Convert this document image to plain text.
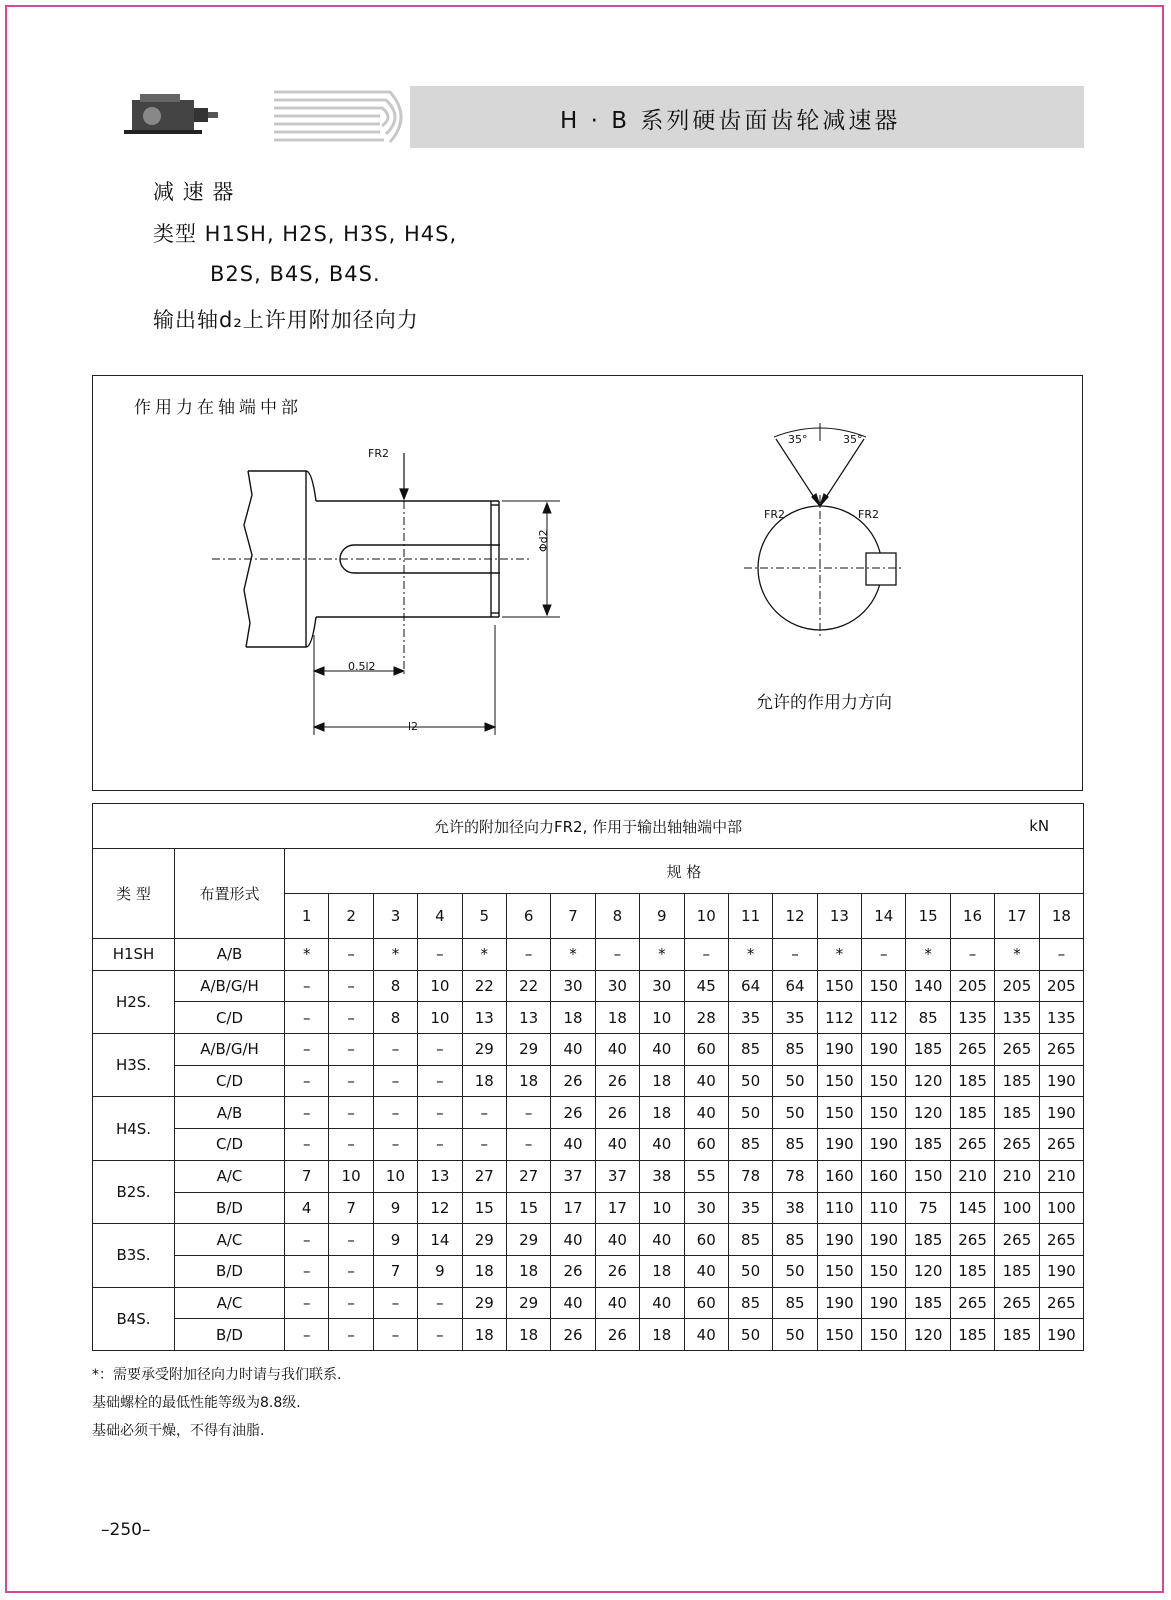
H · B 系列硬齿面齿轮减速器
减 速 器
类型 H1SH, H2S, H3S, H4S,
B2S, B4S, B4S.
输出轴d₂上许用附加径向力
作用力在轴端中部
FR2
Φd2
0.5l2
l2
35°	35°
FR2	FR2
允许的作用力方向
允许的附加径向力FR2, 作用于输出轴轴端中部 kN																			

类 型	布置形式	规 格																	
		1	2	3	4	5	6	7	8	9	10	11	12	13	14	15	16	17	18
H1SH	A/B	*	–	*	–	*	–	*	–	*	–	*	–	*	–	*	–	*	–
H2S.	A/B/G/H	–	–	8	10	22	22	30	30	30	45	64	64	150	150	140	205	205	205
	C/D	–	–	8	10	13	13	18	18	10	28	35	35	112	112	85	135	135	135
H3S.	A/B/G/H	–	–	–	–	29	29	40	40	40	60	85	85	190	190	185	265	265	265
	C/D	–	–	–	–	18	18	26	26	18	40	50	50	150	150	120	185	185	190
H4S.	A/B	–	–	–	–	–	–	26	26	18	40	50	50	150	150	120	185	185	190
	C/D	–	–	–	–	–	–	40	40	40	60	85	85	190	190	185	265	265	265
B2S.	A/C	7	10	10	13	27	27	37	37	38	55	78	78	160	160	150	210	210	210
	B/D	4	7	9	12	15	15	17	17	10	30	35	38	110	110	75	145	100	100
B3S.	A/C	–	–	9	14	29	29	40	40	40	60	85	85	190	190	185	265	265	265
	B/D	–	–	7	9	18	18	26	26	18	40	50	50	150	150	120	185	185	190
B4S.	A/C	–	–	–	–	29	29	40	40	40	60	85	85	190	190	185	265	265	265
	B/D	–	–	–	–	18	18	26	26	18	40	50	50	150	150	120	185	185	190
*：需要承受附加径向力时请与我们联系.
基础螺栓的最低性能等级为8.8级.
基础必须干燥，不得有油脂.
–250–
